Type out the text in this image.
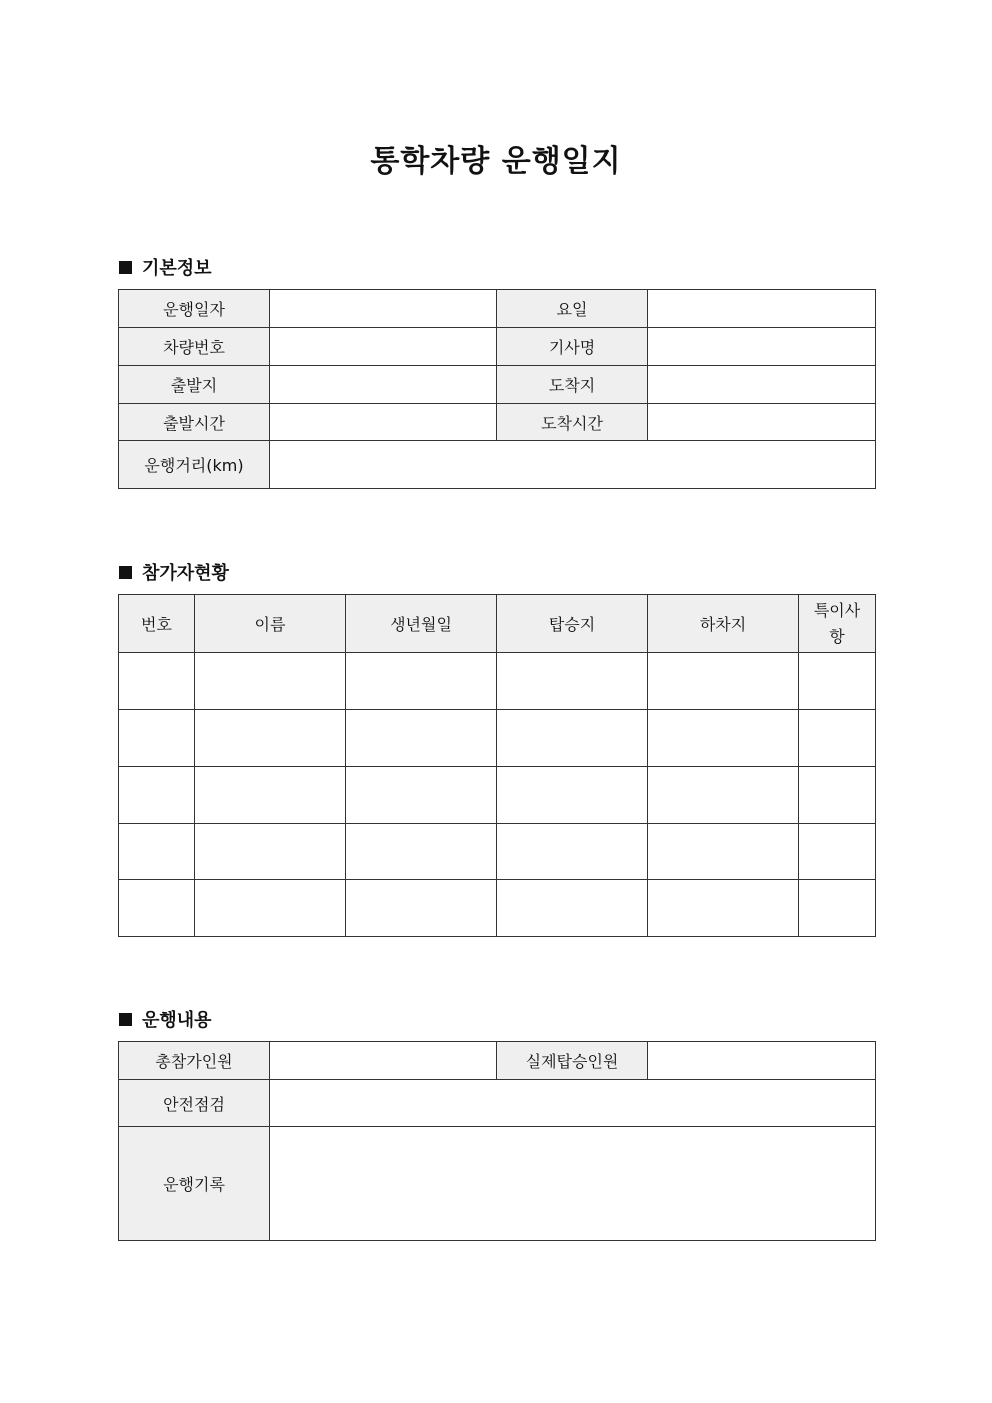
통학차량 운행일지
기본정보
운행일자		요일	
차량번호		기사명	
출발지		도착지	
출발시간		도착시간	
운행거리(km)			
참가자현황
번호	이름	생년월일	탑승지	하차지	특이사항

운행내용
총참가인원		실제탑승인원	
안전점검			
운행기록			
